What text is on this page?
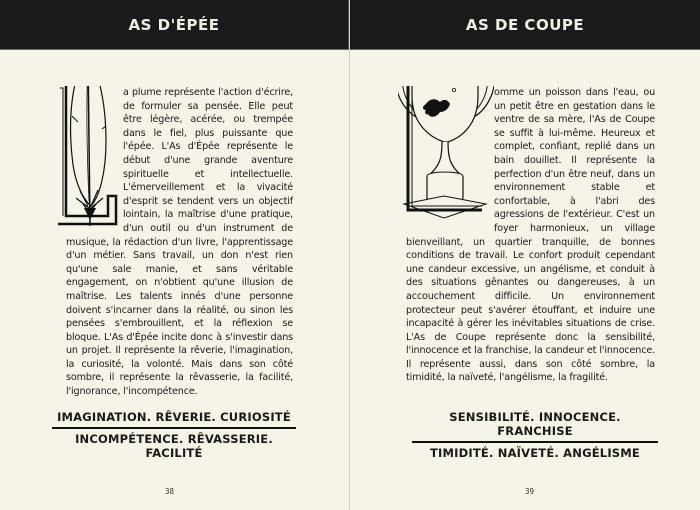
AS D'ÉPÉE

a plume représente l'action d'écrire, de formuler sa pensée. Elle peut être légère, acérée, ou trempée dans le fiel, plus puissante que l'épée. L'As d'Épée représente le début d'une grande aventure spirituelle et intellectuelle. L'émerveillement et la vivacité d'esprit se tendent vers un objectif lointain, la maîtrise d'une pratique, d'un outil ou d'un instrument de musique, la rédaction d'un livre, l'apprentissage d'un métier. Sans travail, un don n'est rien qu'une sale manie, et sans véritable engagement, on n'obtient qu'une illusion de maîtrise. Les talents innés d'une personne doivent s'incarner dans la réalité, ou sinon les pensées s'embrouillent, et la réflexion se bloque. L'As d'Épée incite donc à s'investir dans un projet. Il représente la rêverie, l'imagination, la curiosité, la volonté. Mais dans son côté sombre, il représente la rêvasserie, la facilité, l'ignorance, l'incompétence.

IMAGINATION. RÊVERIE. CURIOSITÉ
INCOMPÉTENCE. RÊVASSERIE. FACILITÉ
38
AS DE COUPE

omme un poisson dans l'eau, ou un petit être en gestation dans le ventre de sa mère, l'As de Coupe se suffit à lui-même. Heureux et complet, confiant, replié dans un bain douillet. Il représente la perfection d'un être neuf, dans un environnement stable et confortable, à l'abri des agressions de l'extérieur. C'est un foyer harmonieux, un village bienveillant, un quartier tranquille, de bonnes conditions de travail. Le confort produit cependant une candeur excessive, un angélisme, et conduit à des situations gênantes ou dangereuses, à un accouchement difficile. Un environnement protecteur peut s'avérer étouffant, et induire une incapacité à gérer les inévitables situations de crise. L'As de Coupe représente donc la sensibilité, l'innocence et la franchise, la candeur et l'innocence. Il représente aussi, dans son côté sombre, la timidité, la naïveté, l'angélisme, la fragilité.

SENSIBILITÉ. INNOCENCE. FRANCHISE
TIMIDITÉ. NAÏVETÉ. ANGÉLISME
39
